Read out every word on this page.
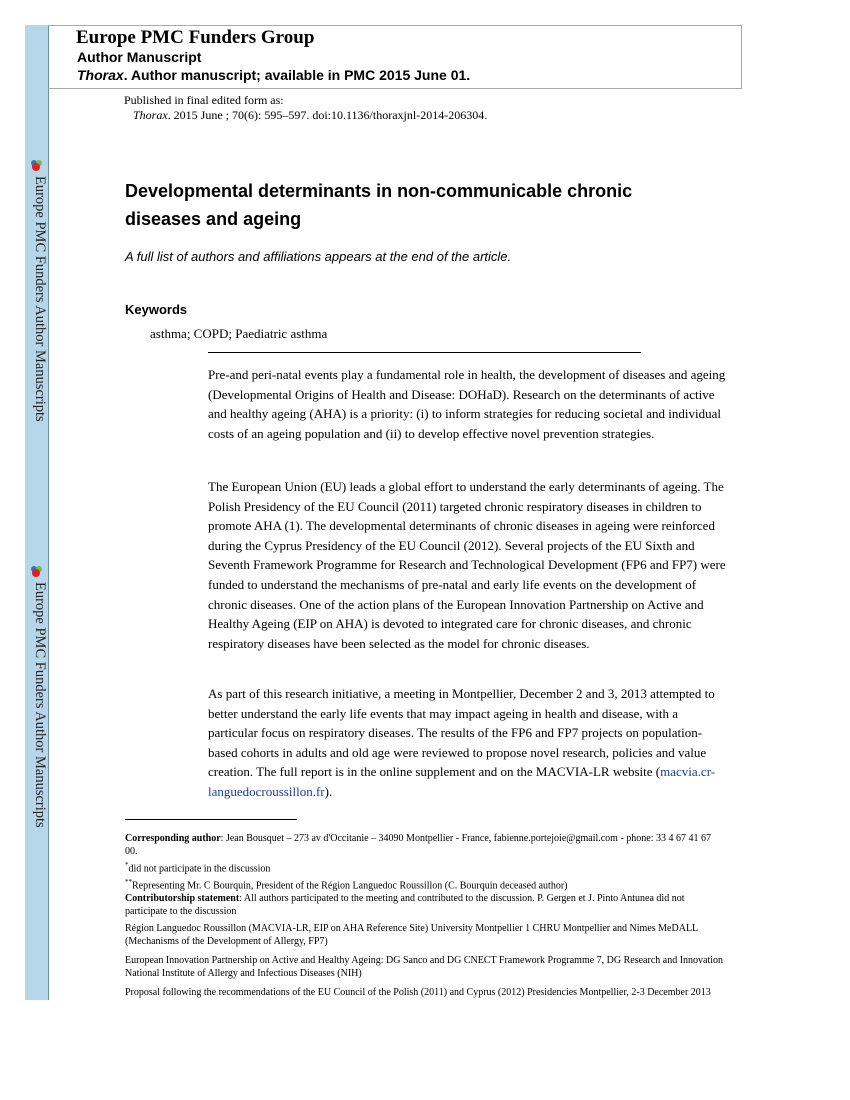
Europe PMC Funders Author Manuscripts
Europe PMC Funders Author Manuscripts
Europe PMC Funders Group
Author Manuscript
Thorax. Author manuscript; available in PMC 2015 June 01.
Published in final edited form as:
Thorax. 2015 June ; 70(6): 595–597. doi:10.1136/thoraxjnl-2014-206304.
Developmental determinants in non-communicable chronic diseases and ageing
A full list of authors and affiliations appears at the end of the article.
Keywords
asthma; COPD; Paediatric asthma

Pre-and peri-natal events play a fundamental role in health, the development of diseases and ageing (Developmental Origins of Health and Disease: DOHaD). Research on the determinants of active and healthy ageing (AHA) is a priority: (i) to inform strategies for reducing societal and individual costs of an ageing population and (ii) to develop effective novel prevention strategies.

The European Union (EU) leads a global effort to understand the early determinants of ageing. The Polish Presidency of the EU Council (2011) targeted chronic respiratory diseases in children to promote AHA (1). The developmental determinants of chronic diseases in ageing were reinforced during the Cyprus Presidency of the EU Council (2012). Several projects of the EU Sixth and Seventh Framework Programme for Research and Technological Development (FP6 and FP7) were funded to understand the mechanisms of pre-natal and early life events on the development of chronic diseases. One of the action plans of the European Innovation Partnership on Active and Healthy Ageing (EIP on AHA) is devoted to integrated care for chronic diseases, and chronic respiratory diseases have been selected as the model for chronic diseases.

As part of this research initiative, a meeting in Montpellier, December 2 and 3, 2013 attempted to better understand the early life events that may impact ageing in health and disease, with a particular focus on respiratory diseases. The results of the FP6 and FP7 projects on population-based cohorts in adults and old age were reviewed to propose novel research, policies and value creation. The full report is in the online supplement and on the MACVIA-LR website (macvia.cr-languedocroussillon.fr).

Corresponding author: Jean Bousquet – 273 av d'Occitanie – 34090 Montpellier - France, fabienne.portejoie@gmail.com - phone: 33 4 67 41 67 00.
*did not participate in the discussion
**Representing Mr. C Bourquin, President of the Région Languedoc Roussillon (C. Bourquin deceased author)
Contributorship statement: All authors participated to the meeting and contributed to the discussion. P. Gergen et J. Pinto Antunea did not participate to the discussion
Région Languedoc Roussillon (MACVIA-LR, EIP on AHA Reference Site) University Montpellier 1 CHRU Montpellier and Nimes MeDALL (Mechanisms of the Development of Allergy, FP7)
European Innovation Partnership on Active and Healthy Ageing: DG Sanco and DG CNECT Framework Programme 7, DG Research and Innovation National Institute of Allergy and Infectious Diseases (NIH)
Proposal following the recommendations of the EU Council of the Polish (2011) and Cyprus (2012) Presidencies Montpellier, 2-3 December 2013
